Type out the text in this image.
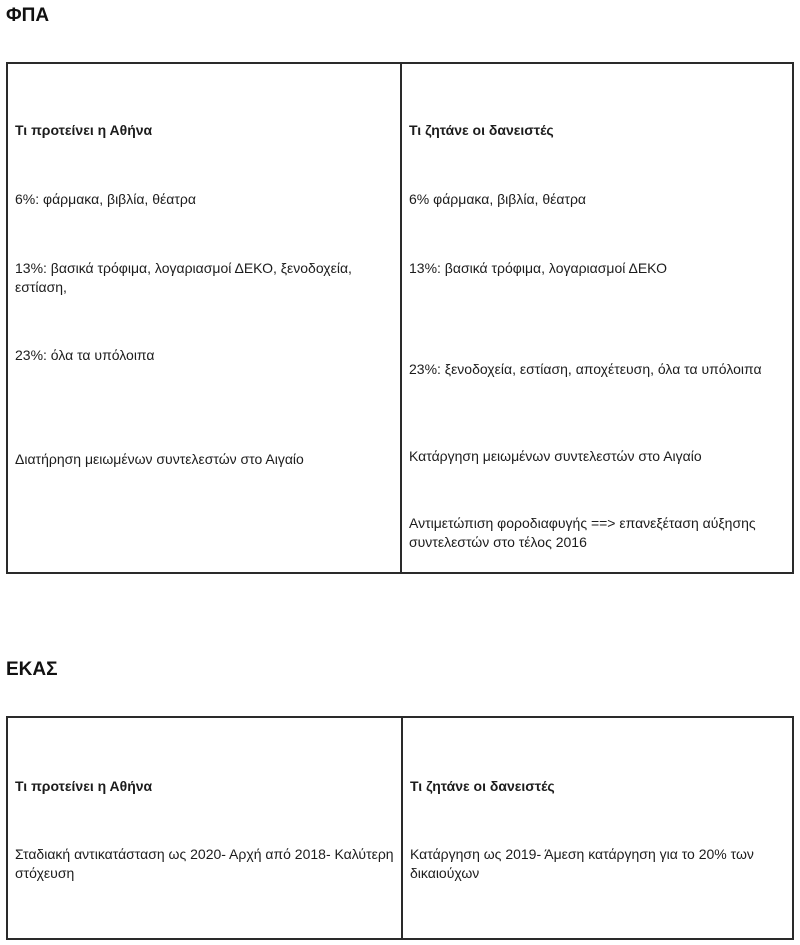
ΦΠΑ

Τι προτείνει η Αθήνα

6%: φάρμακα, βιβλία, θέατρα

13%: βασικά τρόφιμα, λογαριασμοί ΔΕΚΟ, ξενοδοχεία, εστίαση,

23%: όλα τα υπόλοιπα

Διατήρηση μειωμένων συντελεστών στο Αιγαίο

Τι ζητάνε οι δανειστές

6% φάρμακα, βιβλία, θέατρα

13%: βασικά τρόφιμα, λογαριασμοί ΔΕΚΟ

23%: ξενοδοχεία, εστίαση, αποχέτευση, όλα τα υπόλοιπα

Κατάργηση μειωμένων συντελεστών στο Αιγαίο

Αντιμετώπιση φοροδιαφυγής ==> επανεξέταση αύξησης συντελεστών στο τέλος 2016

ΕΚΑΣ

Τι προτείνει η Αθήνα

Σταδιακή αντικατάσταση ως 2020- Αρχή από 2018- Καλύτερη στόχευση

Τι ζητάνε οι δανειστές

Κατάργηση ως 2019- Άμεση κατάργηση για το 20% των δικαιούχων
